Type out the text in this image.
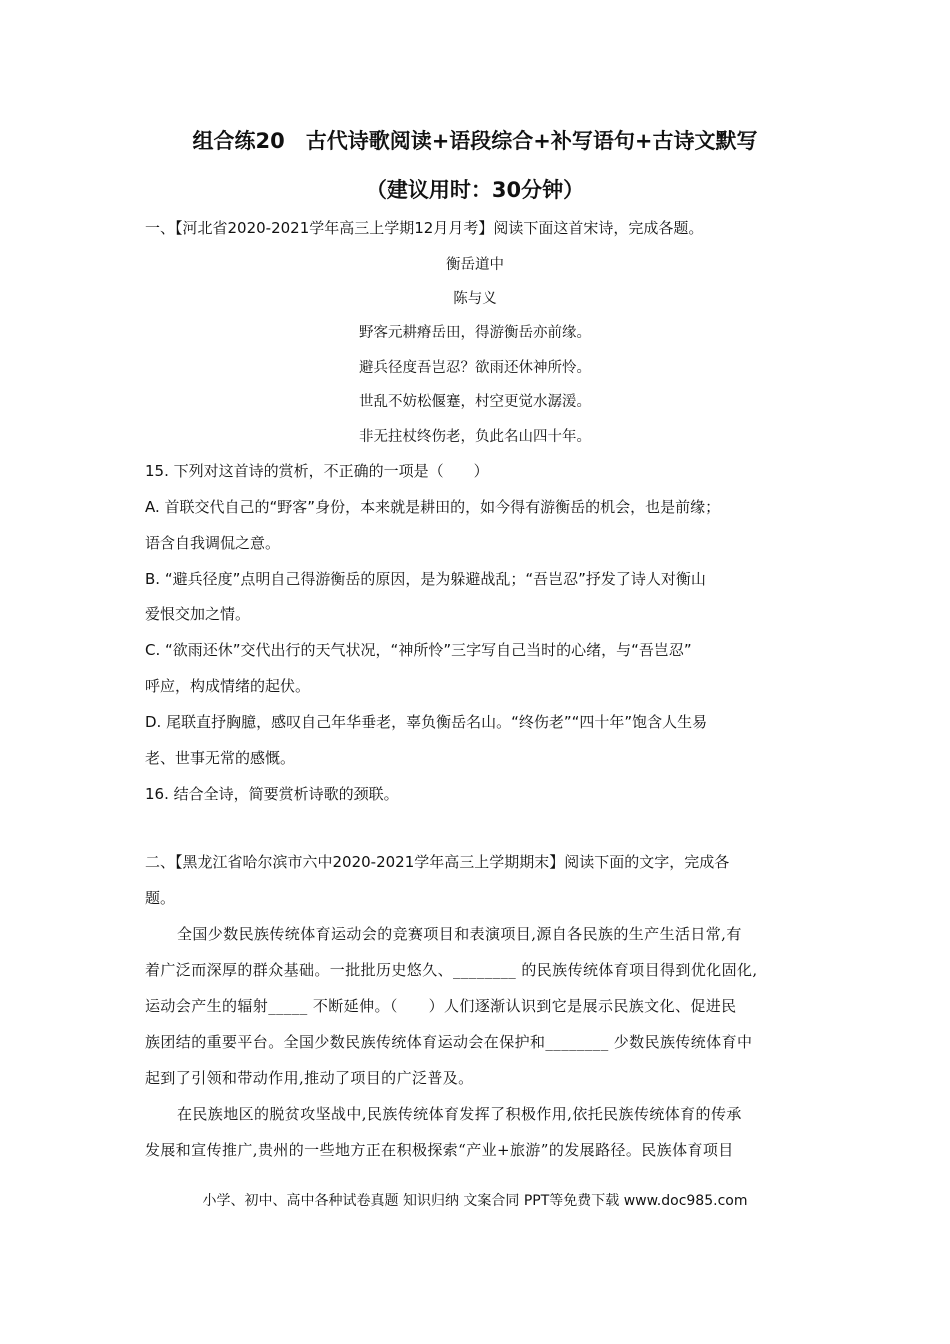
组合练20　古代诗歌阅读+语段综合+补写语句+古诗文默写
（建议用时：30分钟）
一、【河北省2020-2021学年高三上学期12月月考】阅读下面这首宋诗，完成各题。
衡岳道中
陈与义
野客元耕瘠岳田，得游衡岳亦前缘。
避兵径度吾岂忍？欲雨还休神所怜。
世乱不妨松偃蹇，村空更觉水潺湲。
非无拄杖终伤老，负此名山四十年。
15. 下列对这首诗的赏析，不正确的一项是（　　）
A. 首联交代自己的“野客”身份，本来就是耕田的，如今得有游衡岳的机会，也是前缘；
语含自我调侃之意。
B. “避兵径度”点明自己得游衡岳的原因，是为躲避战乱；“吾岂忍”抒发了诗人对衡山
爱恨交加之情。
C. “欲雨还休”交代出行的天气状况，“神所怜”三字写自己当时的心绪，与“吾岂忍”
呼应，构成情绪的起伏。
D. 尾联直抒胸臆，感叹自己年华垂老，辜负衡岳名山。“终伤老”“四十年”饱含人生易
老、世事无常的感慨。
16. 结合全诗，简要赏析诗歌的颈联。
二、【黑龙江省哈尔滨市六中2020-2021学年高三上学期期末】阅读下面的文字，完成各
题。
全国少数民族传统体育运动会的竞赛项目和表演项目,源自各民族的生产生活日常,有
着广泛而深厚的群众基础。一批批历史悠久、________ 的民族传统体育项目得到优化固化,
运动会产生的辐射_____ 不断延伸。（　　）人们逐渐认识到它是展示民族文化、促进民
族团结的重要平台。全国少数民族传统体育运动会在保护和________ 少数民族传统体育中
起到了引领和带动作用,推动了项目的广泛普及。
在民族地区的脱贫攻坚战中,民族传统体育发挥了积极作用,依托民族传统体育的传承
发展和宣传推广,贵州的一些地方正在积极探索“产业+旅游”的发展路径。民族体育项目
小学、初中、高中各种试卷真题 知识归纳 文案合同 PPT等免费下载 www.doc985.com
